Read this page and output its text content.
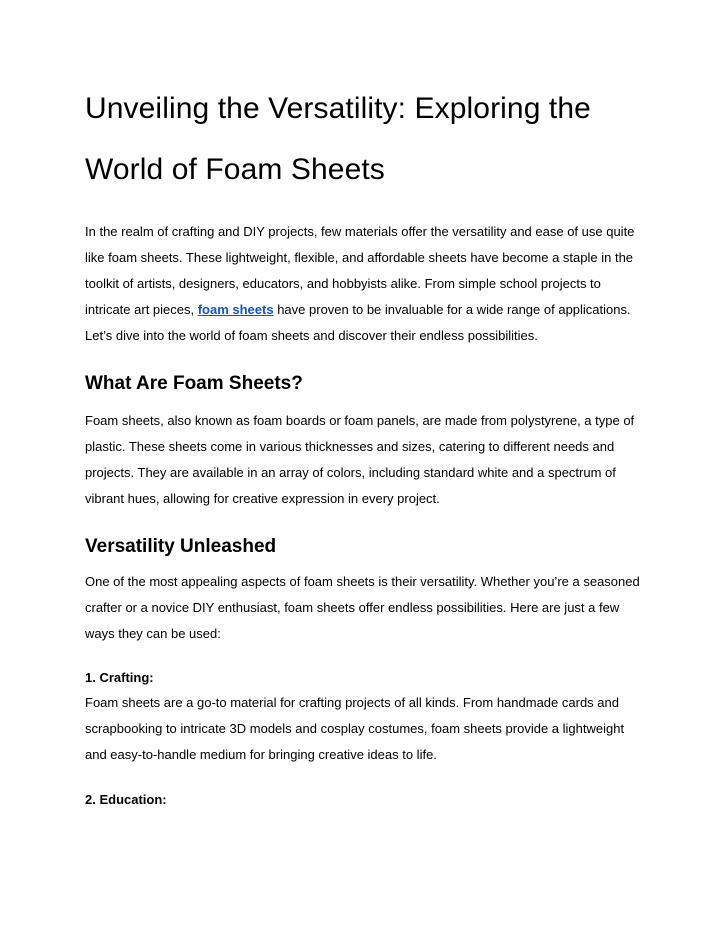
Unveiling the Versatility: Exploring the World of Foam Sheets

In the realm of crafting and DIY projects, few materials offer the versatility and ease of use quite like foam sheets. These lightweight, flexible, and affordable sheets have become a staple in the toolkit of artists, designers, educators, and hobbyists alike. From simple school projects to intricate art pieces, foam sheets have proven to be invaluable for a wide range of applications. Let’s dive into the world of foam sheets and discover their endless possibilities.

What Are Foam Sheets?

Foam sheets, also known as foam boards or foam panels, are made from polystyrene, a type of plastic. These sheets come in various thicknesses and sizes, catering to different needs and projects. They are available in an array of colors, including standard white and a spectrum of vibrant hues, allowing for creative expression in every project.

Versatility Unleashed

One of the most appealing aspects of foam sheets is their versatility. Whether you’re a seasoned crafter or a novice DIY enthusiast, foam sheets offer endless possibilities. Here are just a few ways they can be used:

1. Crafting:

Foam sheets are a go-to material for crafting projects of all kinds. From handmade cards and scrapbooking to intricate 3D models and cosplay costumes, foam sheets provide a lightweight and easy-to-handle medium for bringing creative ideas to life.

2. Education:
